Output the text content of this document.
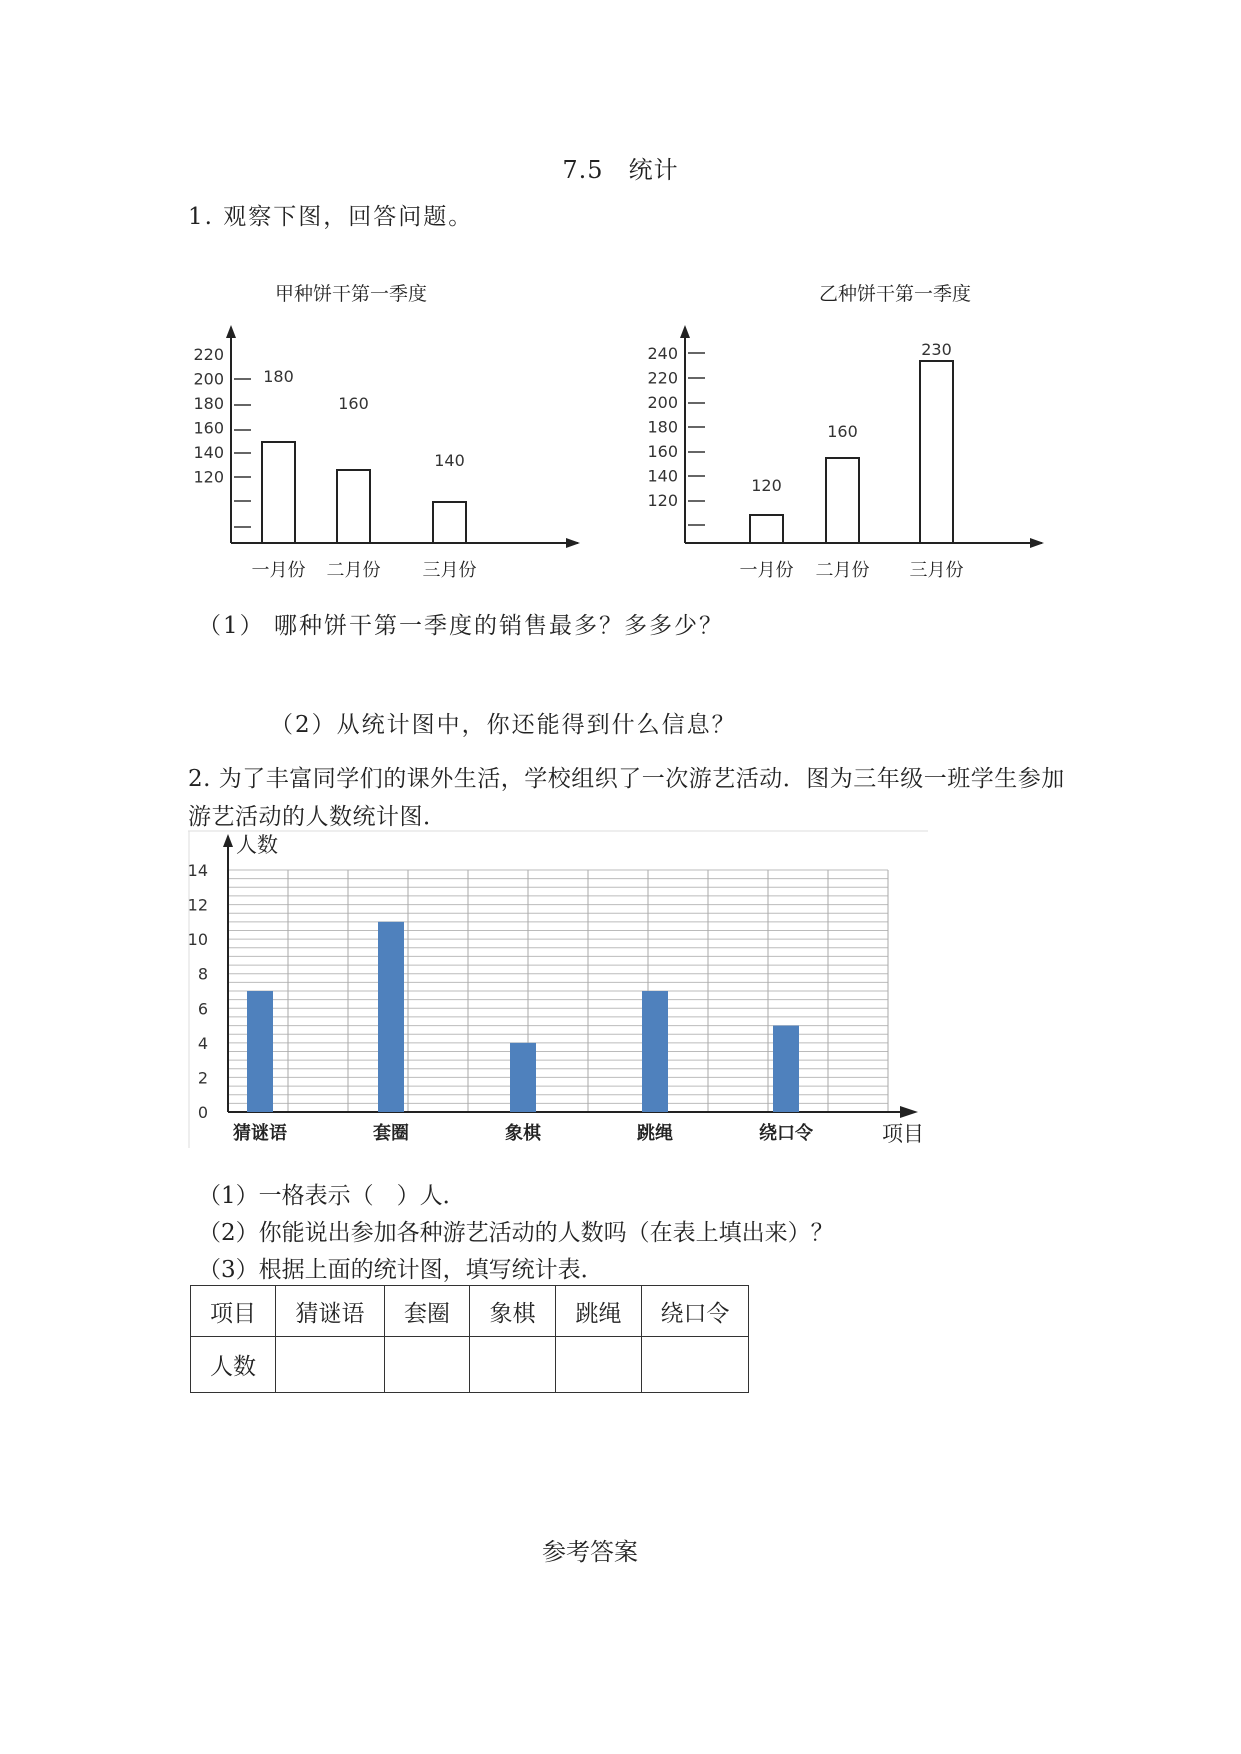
7.5　统计
1. 观察下图，回答问题。
甲种饼干第一季度
220
200
180
160
140
120
180
一月份
160
二月份
140
三月份
乙种饼干第一季度
240
220
200
180
160
140
120
120
一月份
160
二月份
230
三月份
（1） 哪种饼干第一季度的销售最多？多多少？
（2）从统计图中，你还能得到什么信息？
2. 为了丰富同学们的课外生活，学校组织了一次游艺活动．图为三年级一班学生参加游艺活动的人数统计图．
人数
项目
0
2
4
6
8
10
12
14
猜谜语	套圈	象棋	跳绳	绕口令
（1）一格表示（　）人．
（2）你能说出参加各种游艺活动的人数吗（在表上填出来）？
（3）根据上面的统计图，填写统计表．
项目	猜谜语	套圈	象棋	跳绳	绕口令
人数					
参考答案
